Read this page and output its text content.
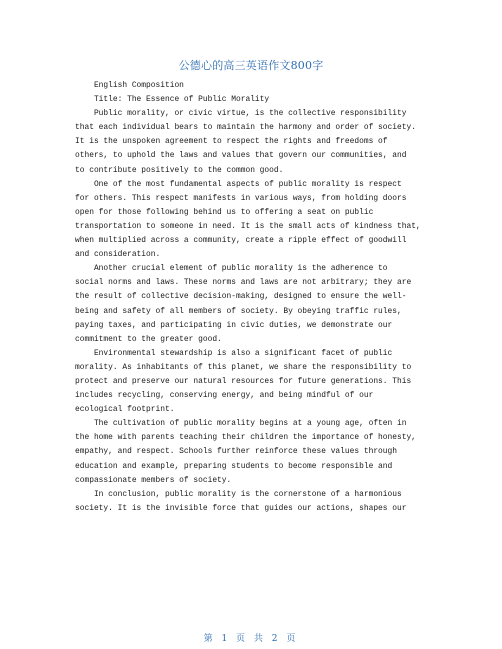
公德心的高三英语作文800字
English Composition
Title: The Essence of Public Morality
Public morality, or civic virtue, is the collective responsibility
that each individual bears to maintain the harmony and order of society.
It is the unspoken agreement to respect the rights and freedoms of
others, to uphold the laws and values that govern our communities, and
to contribute positively to the common good.
One of the most fundamental aspects of public morality is respect
for others. This respect manifests in various ways, from holding doors
open for those following behind us to offering a seat on public
transportation to someone in need. It is the small acts of kindness that,
when multiplied across a community, create a ripple effect of goodwill
and consideration.
Another crucial element of public morality is the adherence to
social norms and laws. These norms and laws are not arbitrary; they are
the result of collective decision-making, designed to ensure the well-
being and safety of all members of society. By obeying traffic rules,
paying taxes, and participating in civic duties, we demonstrate our
commitment to the greater good.
Environmental stewardship is also a significant facet of public
morality. As inhabitants of this planet, we share the responsibility to
protect and preserve our natural resources for future generations. This
includes recycling, conserving energy, and being mindful of our
ecological footprint.
The cultivation of public morality begins at a young age, often in
the home with parents teaching their children the importance of honesty,
empathy, and respect. Schools further reinforce these values through
education and example, preparing students to become responsible and
compassionate members of society.
In conclusion, public morality is the cornerstone of a harmonious
society. It is the invisible force that guides our actions, shapes our
第 1 页 共 2 页
